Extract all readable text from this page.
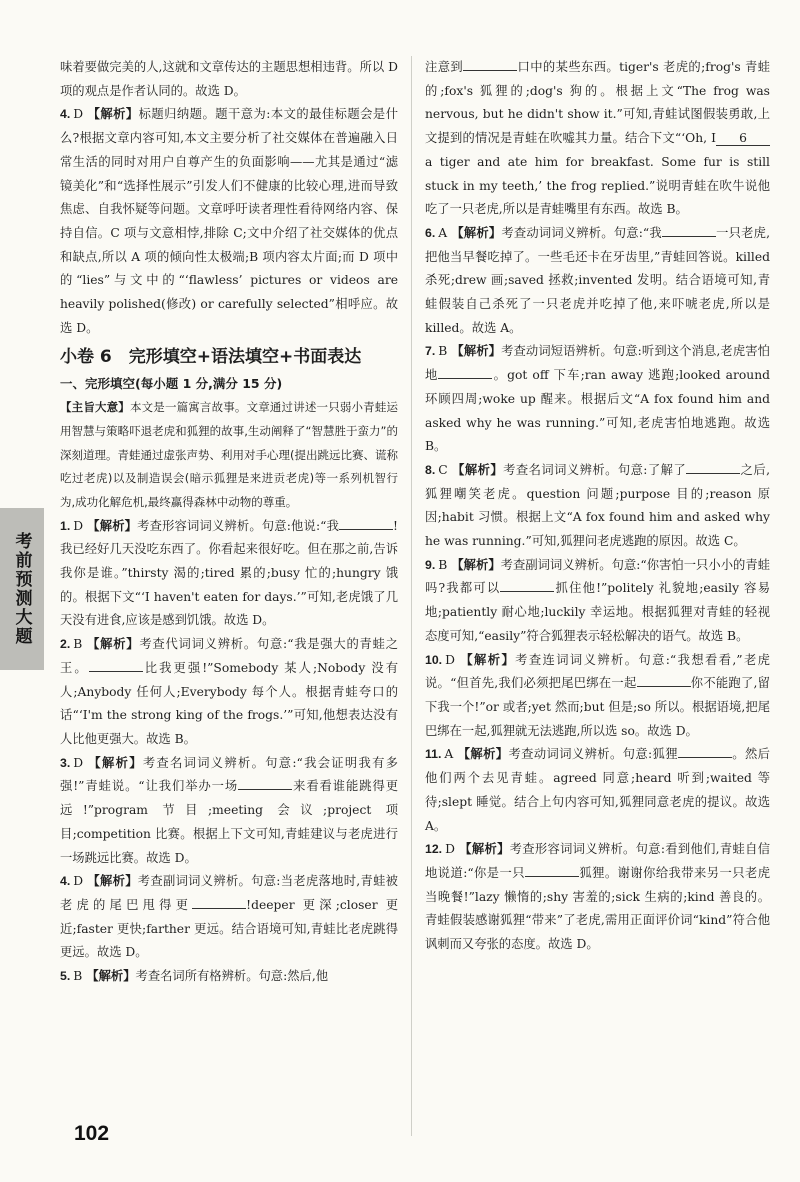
考前预测大题

味着要做完美的人,这就和文章传达的主题思想相违背。所以 D 项的观点是作者认同的。故选 D。

4. D 【解析】标题归纳题。题干意为:本文的最佳标题会是什么?根据文章内容可知,本文主要分析了社交媒体在普遍融入日常生活的同时对用户自尊产生的负面影响——尤其是通过“滤镜美化”和“选择性展示”引发人们不健康的比较心理,进而导致焦虑、自我怀疑等问题。文章呼吁读者理性看待网络内容、保持自信。C 项与文意相悖,排除 C;文中介绍了社交媒体的优点和缺点,所以 A 项的倾向性太极端;B 项内容太片面;而 D 项中的“lies”与文中的“‘flawless’ pictures or videos are heavily polished(修改) or carefully selected”相呼应。故选 D。

小卷 6　完形填空+语法填空+书面表达
一、完形填空(每小题 1 分,满分 15 分)

【主旨大意】本文是一篇寓言故事。文章通过讲述一只弱小青蛙运用智慧与策略吓退老虎和狐狸的故事,生动阐释了“智慧胜于蛮力”的深刻道理。青蛙通过虚张声势、利用对手心理(提出跳远比赛、谎称吃过老虎)以及制造误会(暗示狐狸是来进贡老虎)等一系列机智行为,成功化解危机,最终赢得森林中动物的尊重。

1. D 【解析】考查形容词词义辨析。句意:他说:“我	!我已经好几天没吃东西了。你看起来很好吃。但在那之前,告诉我你是谁。”thirsty 渴的;tired 累的;busy 忙的;hungry 饿的。根据下文“‘I haven't eaten for days.’”可知,老虎饿了几天没有进食,应该是感到饥饿。故选 D。

2. B 【解析】考查代词词义辨析。句意:“我是强大的青蛙之王。	比我更强!”Somebody 某人;Nobody 没有人;Anybody 任何人;Everybody 每个人。根据青蛙夸口的话“‘I'm the strong king of the frogs.’”可知,他想表达没有人比他更强大。故选 B。

3. D 【解析】考查名词词义辨析。句意:“我会证明我有多强!”青蛙说。“让我们举办一场	来看看谁能跳得更远!”program 节目;meeting 会议;project 项目;competition 比赛。根据上下文可知,青蛙建议与老虎进行一场跳远比赛。故选 D。

4. D 【解析】考查副词词义辨析。句意:当老虎落地时,青蛙被老虎的尾巴甩得更	!deeper 更深;closer 更近;faster 更快;farther 更远。结合语境可知,青蛙比老虎跳得更远。故选 D。

5. B 【解析】考查名词所有格辨析。句意:然后,他

注意到	口中的某些东西。tiger's 老虎的;frog's 青蛙的;fox's 狐狸的;dog's 狗的。根据上文“The frog was nervous, but he didn't show it.”可知,青蛙试图假装勇敢,上文提到的情况是青蛙在吹嘘其力量。结合下文“‘Oh, I 6a tiger and ate him for breakfast. Some fur is still stuck in my teeth,’ the frog replied.”说明青蛙在吹牛说他吃了一只老虎,所以是青蛙嘴里有东西。故选 B。

6. A 【解析】考查动词词义辨析。句意:“我	一只老虎,把他当早餐吃掉了。一些毛还卡在牙齿里,”青蛙回答说。killed 杀死;drew 画;saved 拯救;invented 发明。结合语境可知,青蛙假装自己杀死了一只老虎并吃掉了他,来吓唬老虎,所以是 killed。故选 A。

7. B 【解析】考查动词短语辨析。句意:听到这个消息,老虎害怕地	。got off 下车;ran away 逃跑;looked around 环顾四周;woke up 醒来。根据后文“A fox found him and asked why he was running.”可知,老虎害怕地逃跑。故选 B。

8. C 【解析】考查名词词义辨析。句意:了解了	之后,狐狸嘲笑老虎。question 问题;purpose 目的;reason 原因;habit 习惯。根据上文“A fox found him and asked why he was running.”可知,狐狸问老虎逃跑的原因。故选 C。

9. B 【解析】考查副词词义辨析。句意:“你害怕一只小小的青蛙吗?我都可以	抓住他!”politely 礼貌地;easily 容易地;patiently 耐心地;luckily 幸运地。根据狐狸对青蛙的轻视态度可知,“easily”符合狐狸表示轻松解决的语气。故选 B。

10. D 【解析】考查连词词义辨析。句意:“我想看看,”老虎说。“但首先,我们必须把尾巴绑在一起	你不能跑了,留下我一个!”or 或者;yet 然而;but 但是;so 所以。根据语境,把尾巴绑在一起,狐狸就无法逃跑,所以选 so。故选 D。

11. A 【解析】考查动词词义辨析。句意:狐狸	。然后他们两个去见青蛙。agreed 同意;heard 听到;waited 等待;slept 睡觉。结合上句内容可知,狐狸同意老虎的提议。故选 A。

12. D 【解析】考查形容词词义辨析。句意:看到他们,青蛙自信地说道:“你是一只	狐狸。谢谢你给我带来另一只老虎当晚餐!”lazy 懒惰的;shy 害羞的;sick 生病的;kind 善良的。青蛙假装感谢狐狸“带来”了老虎,需用正面评价词“kind”符合他讽刺而又夸张的态度。故选 D。

102
